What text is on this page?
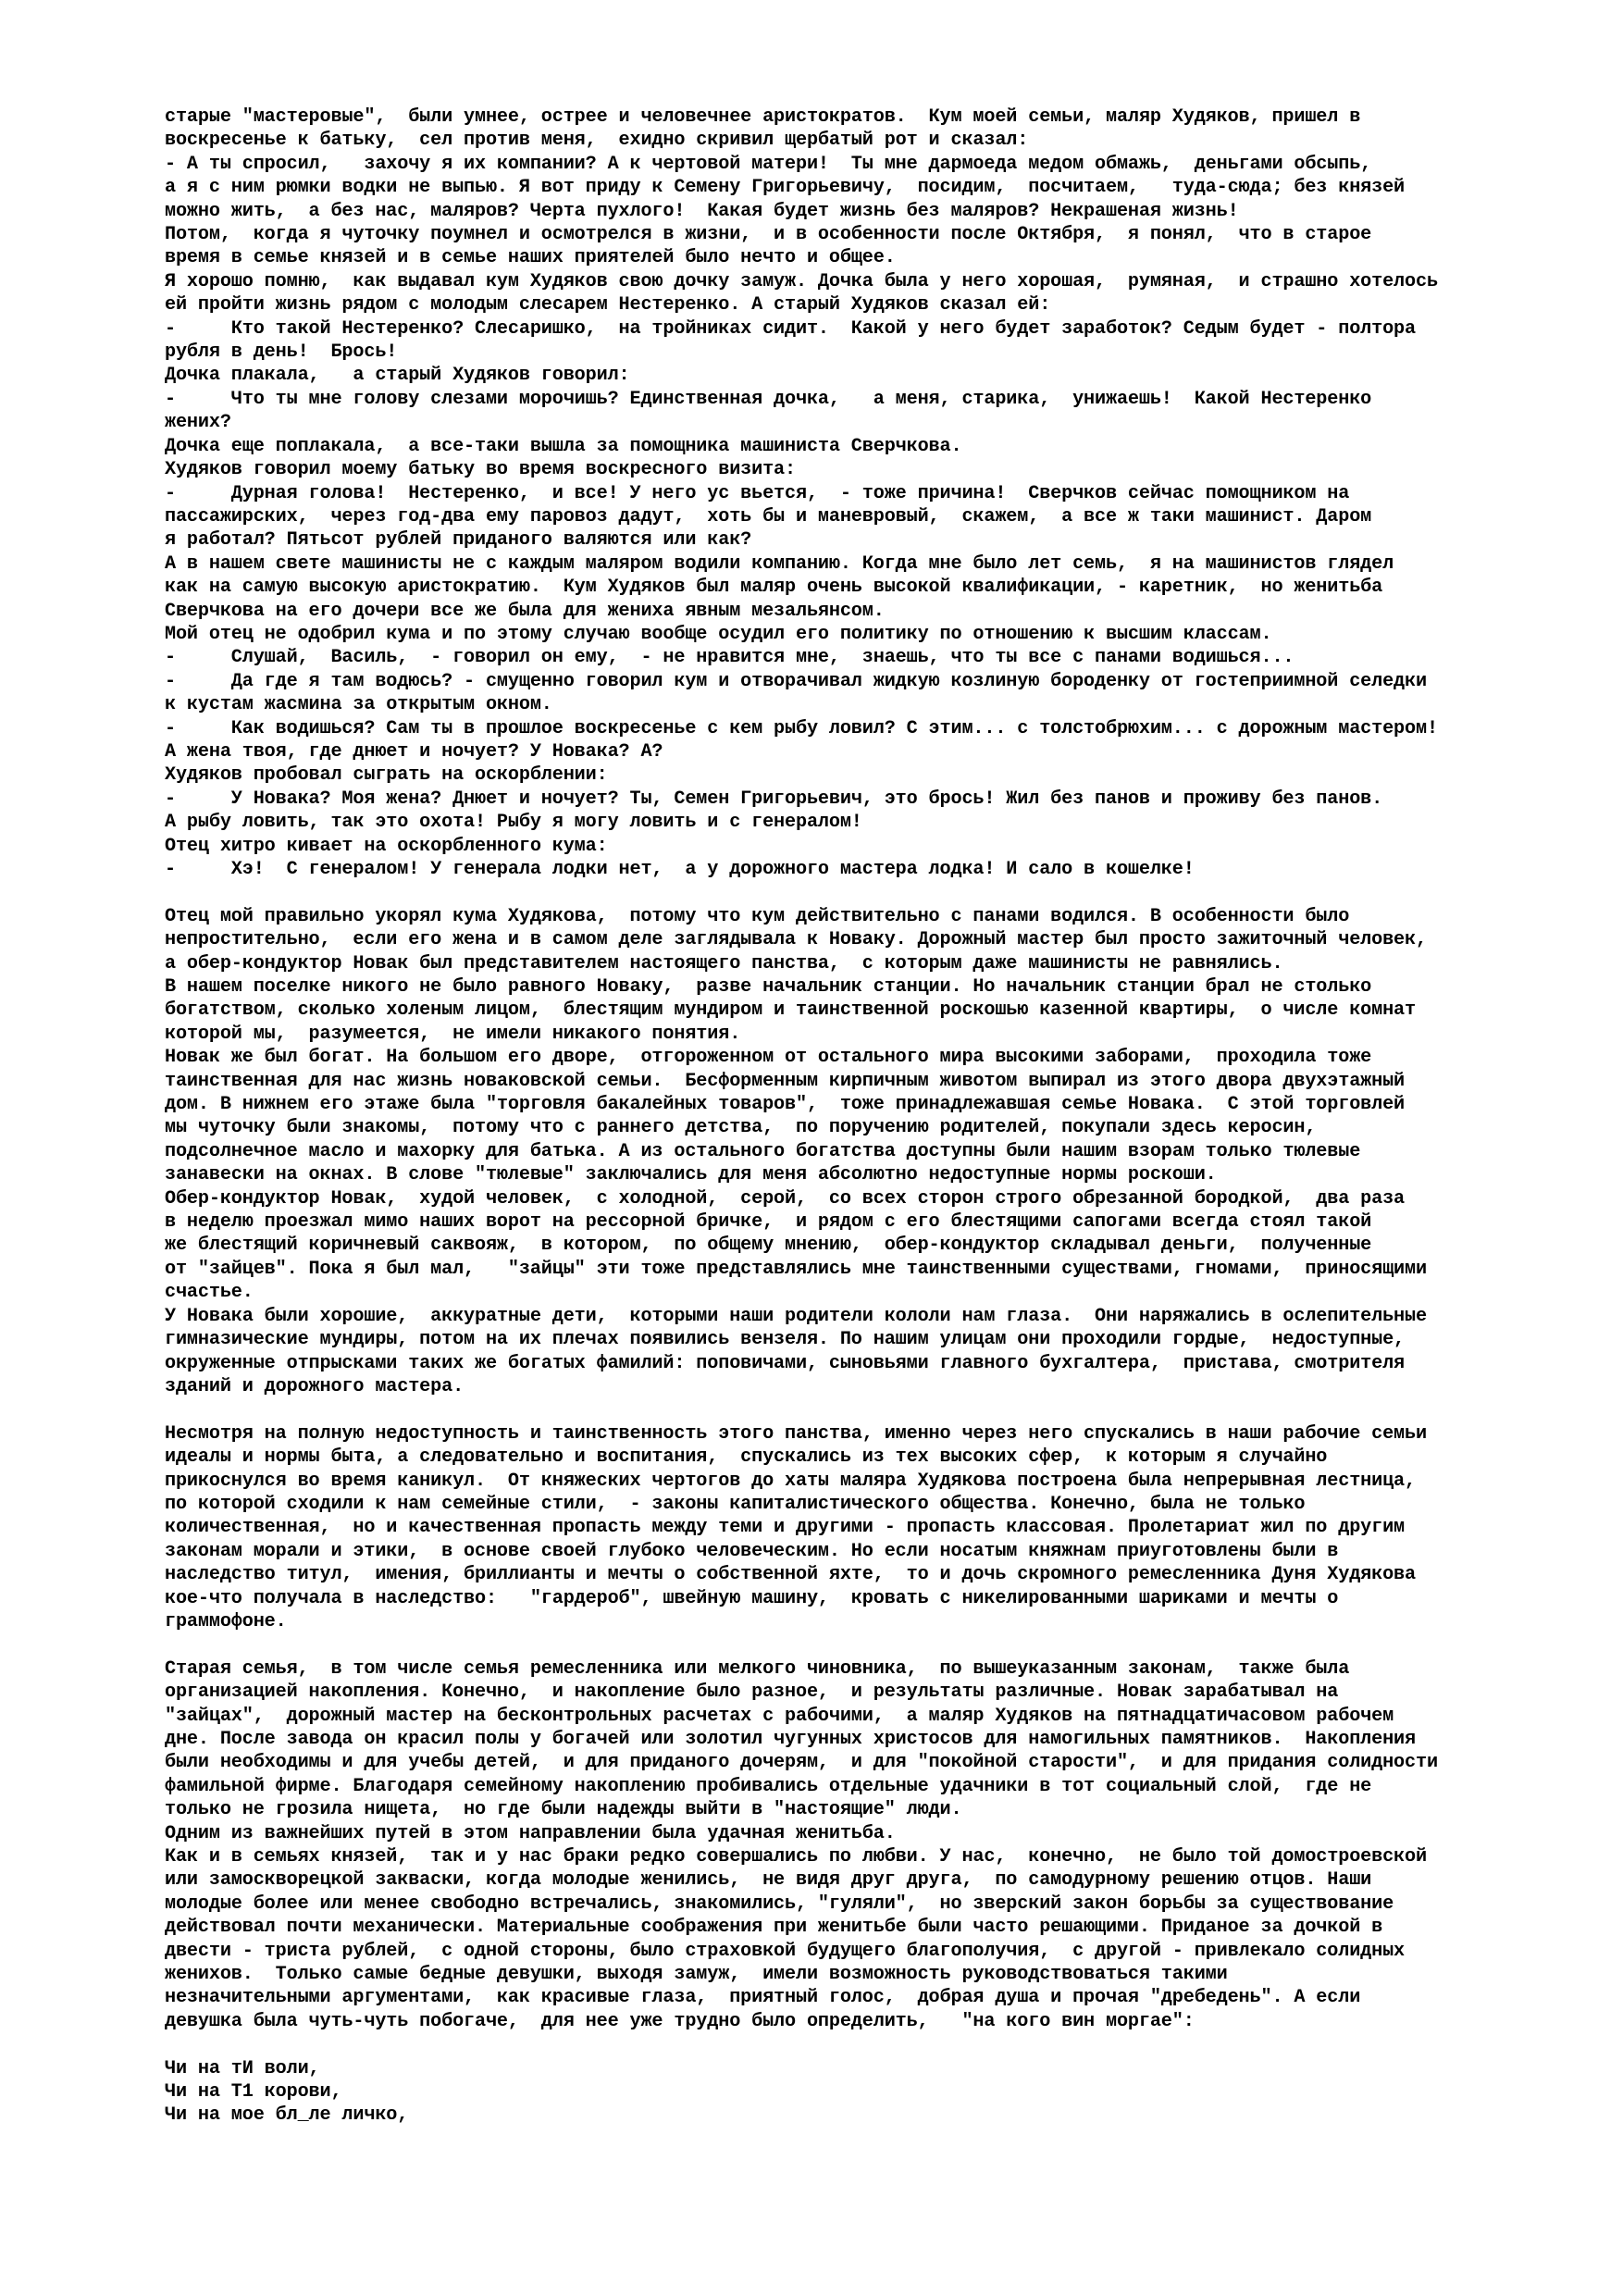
старые "мастеровые",  были умнее, острее и человечнее аристократов.  Кум моей семьи, маляр Худяков, пришел в
воскресенье к батьку,  сел против меня,  ехидно скривил щербатый рот и сказал:
- А ты спросил,   захочу я их компании? А к чертовой матери!  Ты мне дармоеда медом обмажь,  деньгами обсыпь,
а я с ним рюмки водки не выпью. Я вот приду к Семену Григорьевичу,  посидим,  посчитаем,   туда-сюда; без князей
можно жить,  а без нас, маляров? Черта пухлого!  Какая будет жизнь без маляров? Некрашеная жизнь!
Потом,  когда я чуточку поумнел и осмотрелся в жизни,  и в особенности после Октября,  я понял,  что в старое
время в семье князей и в семье наших приятелей было нечто и общее.
Я хорошо помню,  как выдавал кум Худяков свою дочку замуж. Дочка была у него хорошая,  румяная,  и страшно хотелось
ей пройти жизнь рядом с молодым слесарем Нестеренко. А старый Худяков сказал ей:
-     Кто такой Нестеренко? Слесаришко,  на тройниках сидит.  Какой у него будет заработок? Седым будет - полтора
рубля в день!  Брось!
Дочка плакала,   а старый Худяков говорил:
-     Что ты мне голову слезами морочишь? Единственная дочка,   а меня, старика,  унижаешь!  Какой Нестеренко
жених?
Дочка еще поплакала,  а все-таки вышла за помощника машиниста Сверчкова.
Худяков говорил моему батьку во время воскресного визита:
-     Дурная голова!  Нестеренко,  и все! У него ус вьется,  - тоже причина!  Сверчков сейчас помощником на
пассажирских,  через год-два ему паровоз дадут,  хоть бы и маневровый,  скажем,  а все ж таки машинист. Даром
я работал? Пятьсот рублей приданого валяются или как?
А в нашем свете машинисты не с каждым маляром водили компанию. Когда мне было лет семь,  я на машинистов глядел
как на самую высокую аристократию.  Кум Худяков был маляр очень высокой квалификации, - каретник,  но женитьба
Сверчкова на его дочери все же была для жениха явным мезальянсом.
Мой отец не одобрил кума и по этому случаю вообще осудил его политику по отношению к высшим классам.
-     Слушай,  Василь,  - говорил он ему,  - не нравится мне,  знаешь, что ты все с панами водишься...
-     Да где я там водюсь? - смущенно говорил кум и отворачивал жидкую козлиную бороденку от гостеприимной селедки
к кустам жасмина за открытым окном.
-     Как водишься? Сам ты в прошлое воскресенье с кем рыбу ловил? С этим... с толстобрюхим... с дорожным мастером!
А жена твоя, где днюет и ночует? У Новака? А?
Худяков пробовал сыграть на оскорблении:
-     У Новака? Моя жена? Днюет и ночует? Ты, Семен Григорьевич, это брось! Жил без панов и проживу без панов.
А рыбу ловить, так это охота! Рыбу я могу ловить и с генералом!
Отец хитро кивает на оскорбленного кума:
-     Хэ!  С генералом! У генерала лодки нет,  а у дорожного мастера лодка! И сало в кошелке!
Отец мой правильно укорял кума Худякова,  потому что кум действительно с панами водился. В особенности было
непростительно,  если его жена и в самом деле заглядывала к Новаку. Дорожный мастер был просто зажиточный человек,
а обер-кондуктор Новак был представителем настоящего панства,  с которым даже машинисты не равнялись.
В нашем поселке никого не было равного Новаку,  разве начальник станции. Но начальник станции брал не столько
богатством, сколько холеным лицом,  блестящим мундиром и таинственной роскошью казенной квартиры,  о числе комнат
которой мы,  разумеется,  не имели никакого понятия.
Новак же был богат. На большом его дворе,  отгороженном от остального мира высокими заборами,  проходила тоже
таинственная для нас жизнь новаковской семьи.  Бесформенным кирпичным животом выпирал из этого двора двухэтажный
дом. В нижнем его этаже была "торговля бакалейных товаров",  тоже принадлежавшая семье Новака.  С этой торговлей
мы чуточку были знакомы,  потому что с раннего детства,  по поручению родителей, покупали здесь керосин,
подсолнечное масло и махорку для батька. А из остального богатства доступны были нашим взорам только тюлевые
занавески на окнах. В слове "тюлевые" заключались для меня абсолютно недоступные нормы роскоши.
Обер-кондуктор Новак,  худой человек,  с холодной,  серой,  со всех сторон строго обрезанной бородкой,  два раза
в неделю проезжал мимо наших ворот на рессорной бричке,  и рядом с его блестящими сапогами всегда стоял такой
же блестящий коричневый саквояж,  в котором,  по общему мнению,  обер-кондуктор складывал деньги,  полученные
от "зайцев". Пока я был мал,   "зайцы" эти тоже представлялись мне таинственными существами, гномами,  приносящими
счастье.
У Новака были хорошие,  аккуратные дети,  которыми наши родители кололи нам глаза.  Они наряжались в ослепительные
гимназические мундиры, потом на их плечах появились вензеля. По нашим улицам они проходили гордые,  недоступные,
окруженные отпрысками таких же богатых фамилий: поповичами, сыновьями главного бухгалтера,  пристава, смотрителя
зданий и дорожного мастера.
Несмотря на полную недоступность и таинственность этого панства, именно через него спускались в наши рабочие семьи
идеалы и нормы быта, а следовательно и воспитания,  спускались из тех высоких сфер,  к которым я случайно
прикоснулся во время каникул.  От княжеских чертогов до хаты маляра Худякова построена была непрерывная лестница,
по которой сходили к нам семейные стили,  - законы капиталистического общества. Конечно, была не только
количественная,  но и качественная пропасть между теми и другими - пропасть классовая. Пролетариат жил по другим
законам морали и этики,  в основе своей глубоко человеческим. Но если носатым княжнам приуготовлены были в
наследство титул,  имения, бриллианты и мечты о собственной яхте,  то и дочь скромного ремесленника Дуня Худякова
кое-что получала в наследство:   "гардероб", швейную машину,  кровать с никелированными шариками и мечты о
граммофоне.
Старая семья,  в том числе семья ремесленника или мелкого чиновника,  по вышеуказанным законам,  также была
организацией накопления. Конечно,  и накопление было разное,  и результаты различные. Новак зарабатывал на
"зайцах",  дорожный мастер на бесконтрольных расчетах с рабочими,  а маляр Худяков на пятнадцатичасовом рабочем
дне. После завода он красил полы у богачей или золотил чугунных христосов для намогильных памятников.  Накопления
были необходимы и для учебы детей,  и для приданого дочерям,  и для "покойной старости",  и для придания солидности
фамильной фирме. Благодаря семейному накоплению пробивались отдельные удачники в тот социальный слой,  где не
только не грозила нищета,  но где были надежды выйти в "настоящие" люди.
Одним из важнейших путей в этом направлении была удачная женитьба.
Как и в семьях князей,  так и у нас браки редко совершались по любви. У нас,  конечно,  не было той домостроевской
или замоскворецкой закваски, когда молодые женились,  не видя друг друга,  по самодурному решению отцов. Наши
молодые более или менее свободно встречались, знакомились, "гуляли",  но зверский закон борьбы за существование
действовал почти механически. Материальные соображения при женитьбе были часто решающими. Приданое за дочкой в
двести - триста рублей,  с одной стороны, было страховкой будущего благополучия,  с другой - привлекало солидных
женихов.  Только самые бедные девушки, выходя замуж,  имели возможность руководствоваться такими
незначительными аргументами,  как красивые глаза,  приятный голос,  добрая душа и прочая "дребедень". А если
девушка была чуть-чуть побогаче,  для нее уже трудно было определить,   "на кого вин моргае":
Чи на тИ воли,
Чи на Т1 корови,
Чи на мое бл_ле личко,
